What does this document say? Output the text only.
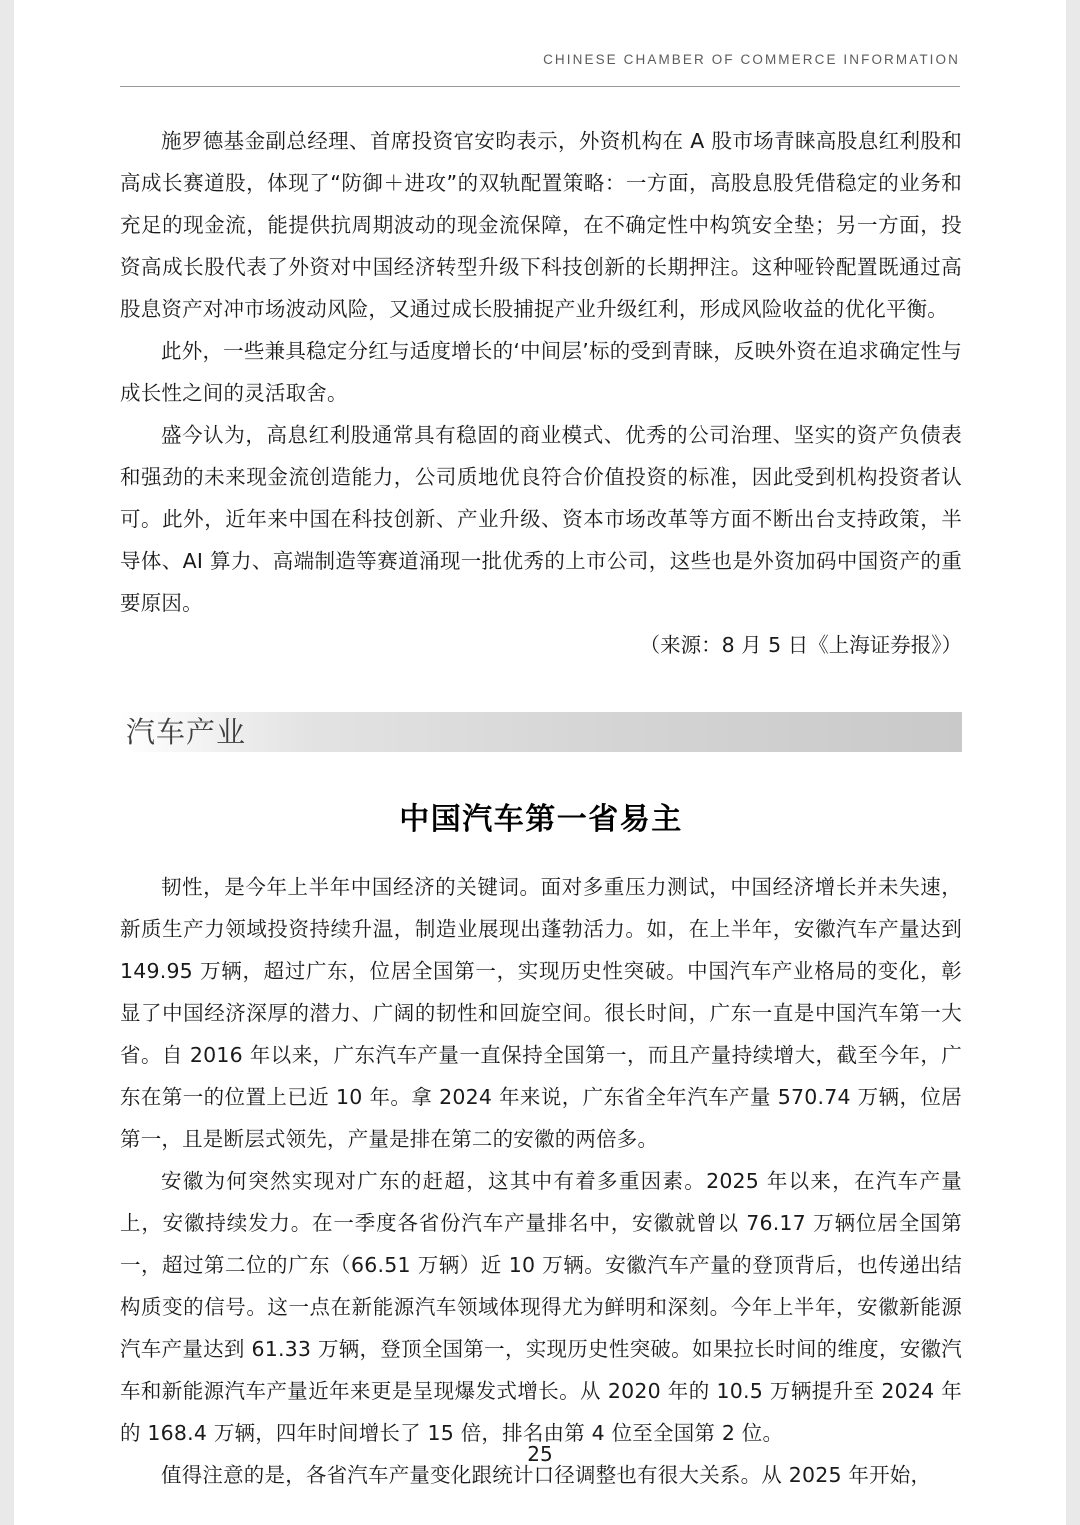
CHINESE CHAMBER OF COMMERCE INFORMATION

施罗德基金副总经理、首席投资官安昀表示，外资机构在 A 股市场青睐高股息红利股和高成长赛道股，体现了“防御＋进攻”的双轨配置策略：一方面，高股息股凭借稳定的业务和充足的现金流，能提供抗周期波动的现金流保障，在不确定性中构筑安全垫；另一方面，投资高成长股代表了外资对中国经济转型升级下科技创新的长期押注。这种哑铃配置既通过高股息资产对冲市场波动风险，又通过成长股捕捉产业升级红利，形成风险收益的优化平衡。

此外，一些兼具稳定分红与适度增长的‘中间层’标的受到青睐，反映外资在追求确定性与成长性之间的灵活取舍。

盛今认为，高息红利股通常具有稳固的商业模式、优秀的公司治理、坚实的资产负债表和强劲的未来现金流创造能力，公司质地优良符合价值投资的标准，因此受到机构投资者认可。此外，近年来中国在科技创新、产业升级、资本市场改革等方面不断出台支持政策，半导体、AI 算力、高端制造等赛道涌现一批优秀的上市公司，这些也是外资加码中国资产的重要原因。

（来源：8 月 5 日《上海证券报》）
汽车产业
中国汽车第一省易主

韧性，是今年上半年中国经济的关键词。面对多重压力测试，中国经济增长并未失速，新质生产力领域投资持续升温，制造业展现出蓬勃活力。如，在上半年，安徽汽车产量达到 149.95 万辆，超过广东，位居全国第一，实现历史性突破。中国汽车产业格局的变化，彰显了中国经济深厚的潜力、广阔的韧性和回旋空间。很长时间，广东一直是中国汽车第一大省。自 2016 年以来，广东汽车产量一直保持全国第一，而且产量持续增大，截至今年，广东在第一的位置上已近 10 年。拿 2024 年来说，广东省全年汽车产量 570.74 万辆，位居第一，且是断层式领先，产量是排在第二的安徽的两倍多。

安徽为何突然实现对广东的赶超，这其中有着多重因素。2025 年以来，在汽车产量上，安徽持续发力。在一季度各省份汽车产量排名中，安徽就曾以 76.17 万辆位居全国第一，超过第二位的广东（66.51 万辆）近 10 万辆。安徽汽车产量的登顶背后，也传递出结构质变的信号。这一点在新能源汽车领域体现得尤为鲜明和深刻。今年上半年，安徽新能源汽车产量达到 61.33 万辆，登顶全国第一，实现历史性突破。如果拉长时间的维度，安徽汽车和新能源汽车产量近年来更是呈现爆发式增长。从 2020 年的 10.5 万辆提升至 2024 年的 168.4 万辆，四年时间增长了 15 倍，排名由第 4 位至全国第 2 位。

值得注意的是，各省汽车产量变化跟统计口径调整也有很大关系。从 2025 年开始，

25
